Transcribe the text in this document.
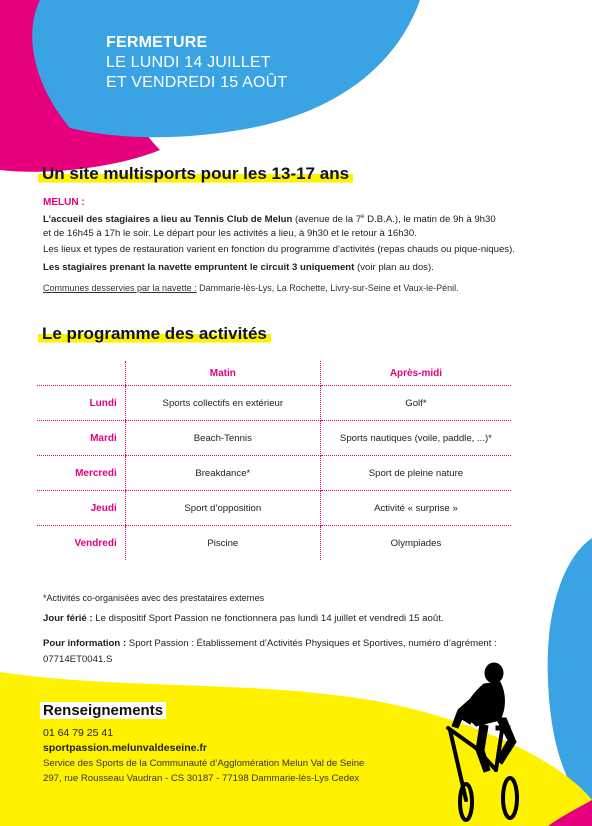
FERMETURE
LE LUNDI 14 JUILLET
ET VENDREDI 15 AOÛT
Un site multisports pour les 13-17 ans
MELUN :
L’accueil des stagiaires a lieu au Tennis Club de Melun (avenue de la 7e D.B.A.), le matin de 9h à 9h30
et de 16h45 à 17h le soir. Le départ pour les activités a lieu, à 9h30 et le retour à 16h30.
Les lieux et types de restauration varient en fonction du programme d’activités (repas chauds ou pique-niques).
Les stagiaires prenant la navette empruntent le circuit 3 uniquement (voir plan au dos).
Communes desservies par la navette : Dammarie-lès-Lys, La Rochette, Livry-sur-Seine et Vaux-le-Pénil.
Le programme des activités
	Matin	Après-midi
Lundi	Sports collectifs en extérieur	Golf*
Mardi	Beach-Tennis	Sports nautiques (voile, paddle, ...)*
Mercredi	Breakdance*	Sport de pleine nature
Jeudi	Sport d’opposition	Activité « surprise »
Vendredi	Piscine	Olympiades
*Activités co-organisées avec des prestataires externes
Jour férié : Le dispositif Sport Passion ne fonctionnera pas lundi 14 juillet et vendredi 15 août.
Pour information : Sport Passion : Établissement d’Activités Physiques et Sportives, numéro d’agrément :
07714ET0041.S
Renseignements
01 64 79 25 41
sportpassion.melunvaldeseine.fr
Service des Sports de la Communauté d’Agglomération Melun Val de Seine
297, rue Rousseau Vaudran - CS 30187 - 77198 Dammarie-lès-Lys Cedex
